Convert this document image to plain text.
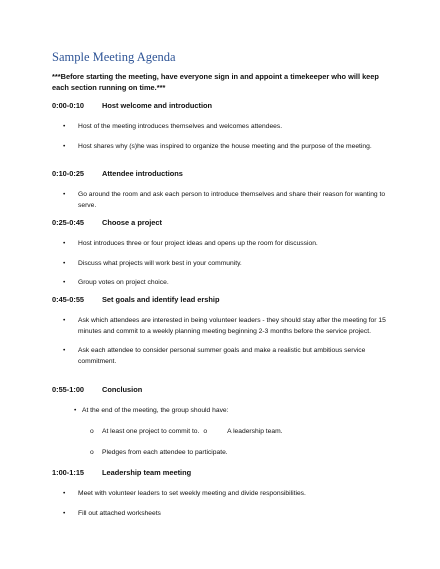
Sample Meeting Agenda
***Before starting the meeting, have everyone sign in and appoint a timekeeper who will keep each section running on time.***
0:00-0:10 Host welcome and introduction
• Host of the meeting introduces themselves and welcomes attendees.
• Host shares why (s)he was inspired to organize the house meeting and the purpose of the meeting.
0:10-0:25 Attendee introductions
• Go around the room and ask each person to introduce themselves and share their reason for wanting to serve.
0:25-0:45 Choose a project
• Host introduces three or four project ideas and opens up the room for discussion.
• Discuss what projects will work best in your community.
• Group votes on project choice.
0:45-0:55 Set goals and identify lead ership
• Ask which attendees are interested in being volunteer leaders - they should stay after the meeting for 15 minutes and commit to a weekly planning meeting beginning 2-3 months before the service project.
• Ask each attendee to consider personal summer goals and make a realistic but ambitious service commitment.
0:55-1:00 Conclusion
• At the end of the meeting, the group should have:
o At least one project to commit to. o	A leadership team.
o Pledges from each attendee to participate.
1:00-1:15 Leadership team meeting
• Meet with volunteer leaders to set weekly meeting and divide responsibilities.
• Fill out attached worksheets
